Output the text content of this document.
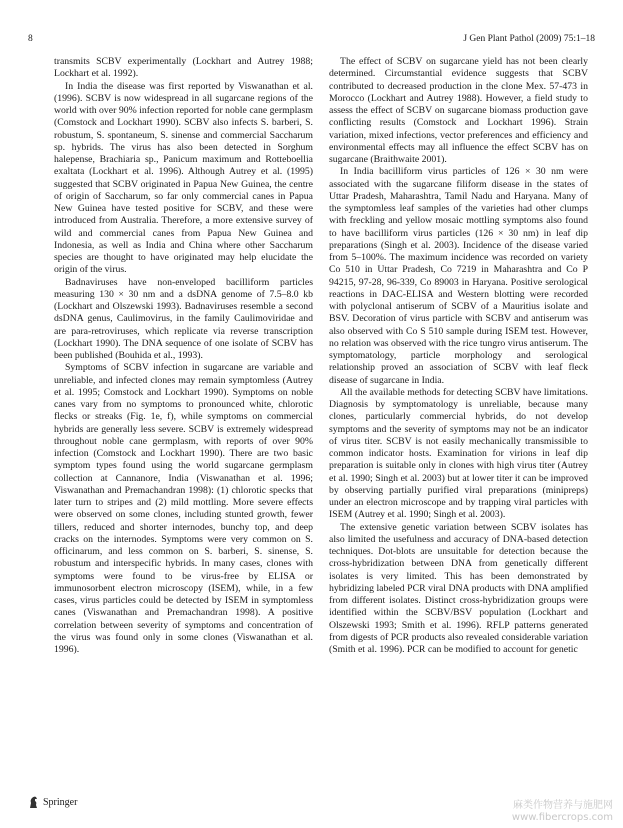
8	J Gen Plant Pathol (2009) 75:1–18

transmits SCBV experimentally (Lockhart and Autrey 1988; Lockhart et al. 1992).

In India the disease was first reported by Viswanathan et al. (1996). SCBV is now widespread in all sugarcane regions of the world with over 90% infection reported for noble cane germplasm (Comstock and Lockhart 1990). SCBV also infects S. barberi, S. robustum, S. spontaneum, S. sinense and commercial Saccharum sp. hybrids. The virus has also been detected in Sorghum halepense, Brachiaria sp., Panicum maximum and Rotteboellia exaltata (Lockhart et al. 1996). Although Autrey et al. (1995) suggested that SCBV originated in Papua New Guinea, the centre of origin of Saccharum, so far only commercial canes in Papua New Guinea have tested positive for SCBV, and these were introduced from Australia. Therefore, a more extensive survey of wild and commercial canes from Papua New Guinea and Indonesia, as well as India and China where other Saccharum species are thought to have originated may help elucidate the origin of the virus.

Badnaviruses have non-enveloped bacilliform particles measuring 130 × 30 nm and a dsDNA genome of 7.5–8.0 kb (Lockhart and Olszewski 1993). Badnaviruses resemble a second dsDNA genus, Caulimovirus, in the family Caulimoviridae and are para-retroviruses, which replicate via reverse transcription (Lockhart 1990). The DNA sequence of one isolate of SCBV has been published (Bouhida et al., 1993).

Symptoms of SCBV infection in sugarcane are variable and unreliable, and infected clones may remain symptomless (Autrey et al. 1995; Comstock and Lockhart 1990). Symptoms on noble canes vary from no symptoms to pronounced white, chlorotic flecks or streaks (Fig. 1e, f), while symptoms on commercial hybrids are generally less severe. SCBV is extremely widespread throughout noble cane germplasm, with reports of over 90% infection (Comstock and Lockhart 1990). There are two basic symptom types found using the world sugarcane germplasm collection at Cannanore, India (Viswanathan et al. 1996; Viswanathan and Premachandran 1998): (1) chlorotic specks that later turn to stripes and (2) mild mottling. More severe effects were observed on some clones, including stunted growth, fewer tillers, reduced and shorter internodes, bunchy top, and deep cracks on the internodes. Symptoms were very common on S. officinarum, and less common on S. barberi, S. sinense, S. robustum and interspecific hybrids. In many cases, clones with symptoms were found to be virus-free by ELISA or immunosorbent electron microscopy (ISEM), while, in a few cases, virus particles could be detected by ISEM in symptomless canes (Viswanathan and Premachandran 1998). A positive correlation between severity of symptoms and concentration of the virus was found only in some clones (Viswanathan et al. 1996).

The effect of SCBV on sugarcane yield has not been clearly determined. Circumstantial evidence suggests that SCBV contributed to decreased production in the clone Mex. 57-473 in Morocco (Lockhart and Autrey 1988). However, a field study to assess the effect of SCBV on sugarcane biomass production gave conflicting results (Comstock and Lockhart 1996). Strain variation, mixed infections, vector preferences and efficiency and environmental effects may all influence the effect SCBV has on sugarcane (Braithwaite 2001).

In India bacilliform virus particles of 126 × 30 nm were associated with the sugarcane filiform disease in the states of Uttar Pradesh, Maharashtra, Tamil Nadu and Haryana. Many of the symptomless leaf samples of the varieties had other clumps with freckling and yellow mosaic mottling symptoms also found to have bacilliform virus particles (126 × 30 nm) in leaf dip preparations (Singh et al. 2003). Incidence of the disease varied from 5–100%. The maximum incidence was recorded on variety Co 510 in Uttar Pradesh, Co 7219 in Maharashtra and Co P 94215, 97-28, 96-339, Co 89003 in Haryana. Positive serological reactions in DAC-ELISA and Western blotting were recorded with polyclonal antiserum of SCBV of a Mauritius isolate and BSV. Decoration of virus particle with SCBV and antiserum was also observed with Co S 510 sample during ISEM test. However, no relation was observed with the rice tungro virus antiserum. The symptomatology, particle morphology and serological relationship proved an association of SCBV with leaf fleck disease of sugarcane in India.

All the available methods for detecting SCBV have limitations. Diagnosis by symptomatology is unreliable, because many clones, particularly commercial hybrids, do not develop symptoms and the severity of symptoms may not be an indicator of virus titer. SCBV is not easily mechanically transmissible to common indicator hosts. Examination for virions in leaf dip preparation is suitable only in clones with high virus titer (Autrey et al. 1990; Singh et al. 2003) but at lower titer it can be improved by observing partially purified viral preparations (minipreps) under an electron microscope and by trapping viral particles with ISEM (Autrey et al. 1990; Singh et al. 2003).

The extensive genetic variation between SCBV isolates has also limited the usefulness and accuracy of DNA-based detection techniques. Dot-blots are unsuitable for detection because the cross-hybridization between DNA from genetically different isolates is very limited. This has been demonstrated by hybridizing labeled PCR viral DNA products with DNA amplified from different isolates. Distinct cross-hybridization groups were identified within the SCBV/BSV population (Lockhart and Olszewski 1993; Smith et al. 1996). RFLP patterns generated from digests of PCR products also revealed considerable variation (Smith et al. 1996). PCR can be modified to account for genetic

Springer	麻类作物营养与施肥网
www.fibercrops.com
